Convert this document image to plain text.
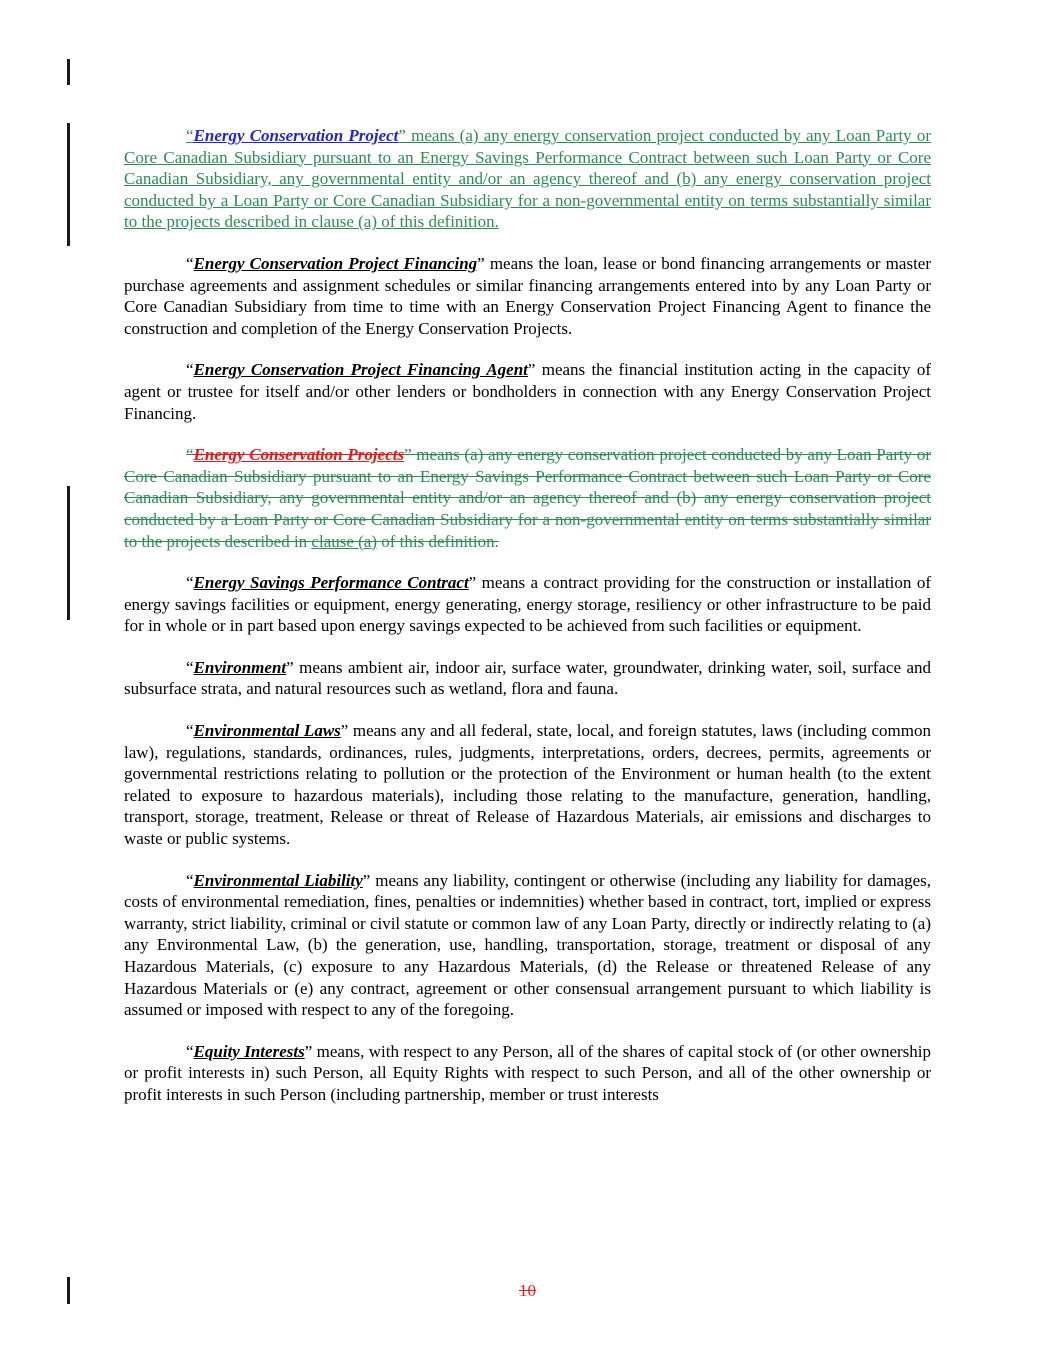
“Energy Conservation Project” means (a) any energy conservation project conducted by any Loan Party or Core Canadian Subsidiary pursuant to an Energy Savings Performance Contract between such Loan Party or Core Canadian Subsidiary, any governmental entity and/or an agency thereof and (b) any energy conservation project conducted by a Loan Party or Core Canadian Subsidiary for a non-governmental entity on terms substantially similar to the projects described in clause (a) of this definition.

“Energy Conservation Project Financing” means the loan, lease or bond financing arrangements or master purchase agreements and assignment schedules or similar financing arrangements entered into by any Loan Party or Core Canadian Subsidiary from time to time with an Energy Conservation Project Financing Agent to finance the construction and completion of the Energy Conservation Projects.

“Energy Conservation Project Financing Agent” means the financial institution acting in the capacity of agent or trustee for itself and/or other lenders or bondholders in connection with any Energy Conservation Project Financing.

“Energy Conservation Projects” means (a) any energy conservation project conducted by any Loan Party or Core Canadian Subsidiary pursuant to an Energy Savings Performance Contract between such Loan Party or Core Canadian Subsidiary, any governmental entity and/or an agency thereof and (b) any energy conservation project conducted by a Loan Party or Core Canadian Subsidiary for a non-governmental entity on terms substantially similar to the projects described in clause (a) of this definition.

“Energy Savings Performance Contract” means a contract providing for the construction or installation of energy savings facilities or equipment, energy generating, energy storage, resiliency or other infrastructure to be paid for in whole or in part based upon energy savings expected to be achieved from such facilities or equipment.

“Environment” means ambient air, indoor air, surface water, groundwater, drinking water, soil, surface and subsurface strata, and natural resources such as wetland, flora and fauna.

“Environmental Laws” means any and all federal, state, local, and foreign statutes, laws (including common law), regulations, standards, ordinances, rules, judgments, interpretations, orders, decrees, permits, agreements or governmental restrictions relating to pollution or the protection of the Environment or human health (to the extent related to exposure to hazardous materials), including those relating to the manufacture, generation, handling, transport, storage, treatment, Release or threat of Release of Hazardous Materials, air emissions and discharges to waste or public systems.

“Environmental Liability” means any liability, contingent or otherwise (including any liability for damages, costs of environmental remediation, fines, penalties or indemnities) whether based in contract, tort, implied or express warranty, strict liability, criminal or civil statute or common law of any Loan Party, directly or indirectly relating to (a) any Environmental Law, (b) the generation, use, handling, transportation, storage, treatment or disposal of any Hazardous Materials, (c) exposure to any Hazardous Materials, (d) the Release or threatened Release of any Hazardous Materials or (e) any contract, agreement or other consensual arrangement pursuant to which liability is assumed or imposed with respect to any of the foregoing.

“Equity Interests” means, with respect to any Person, all of the shares of capital stock of (or other ownership or profit interests in) such Person, all Equity Rights with respect to such Person, and all of the other ownership or profit interests in such Person (including partnership, member or trust interests

10
